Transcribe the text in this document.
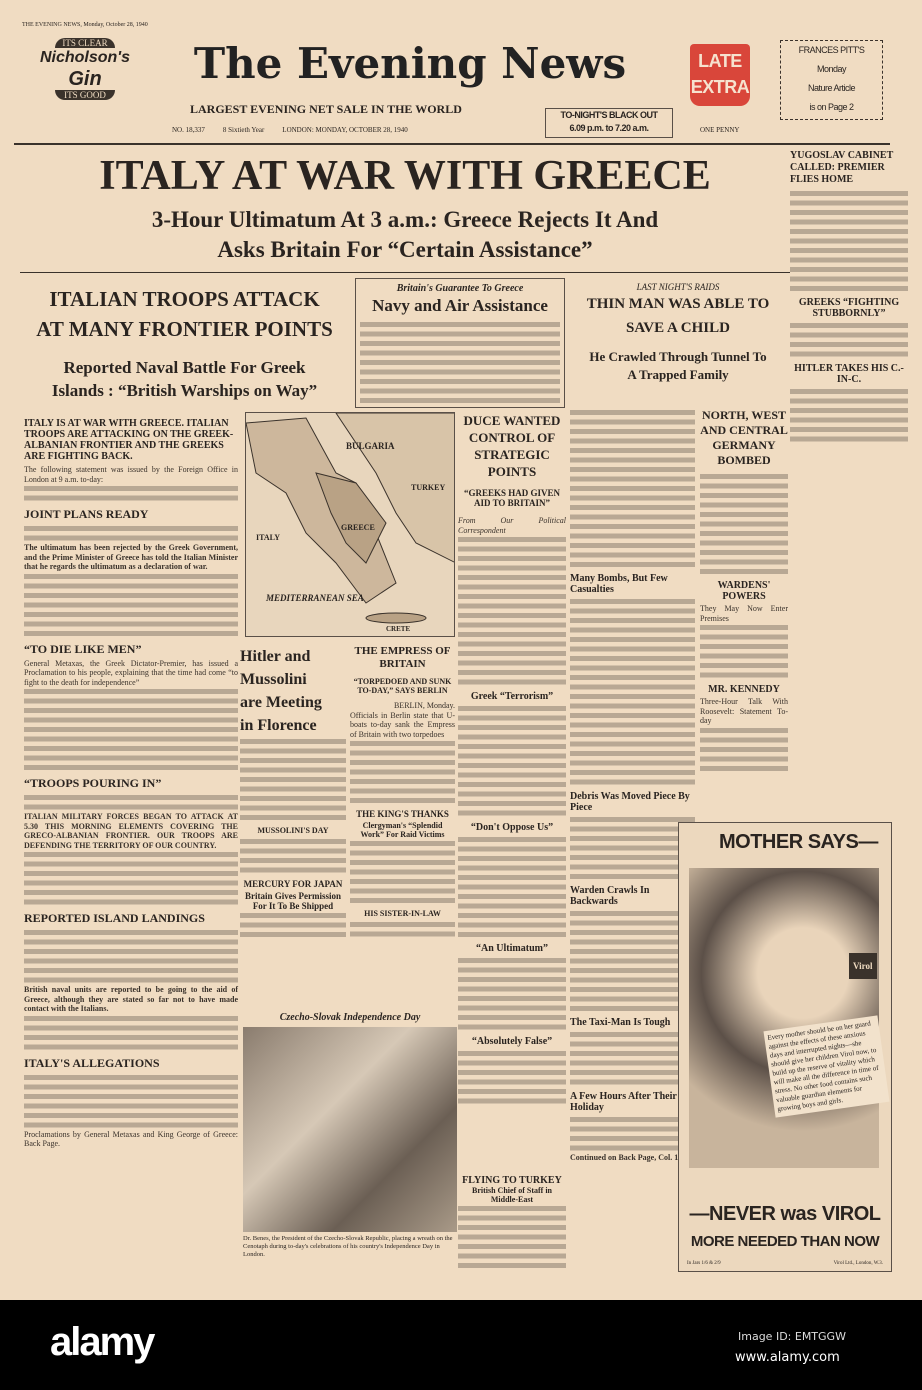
THE EVENING NEWS, Monday, October 28, 1940
ITS CLEAR
Nicholson's
Gin
ITS GOOD
The Evening News
LARGEST EVENING NET SALE IN THE WORLD
NO. 18,337	8 Sixtieth Year	LONDON: MONDAY, OCTOBER 28, 1940
TO-NIGHT'S BLACK OUT
6.09 p.m. to 7.20 a.m.
LATE
EXTRA
ONE PENNY
FRANCES PITT'S
Monday
Nature Article
is on Page 2
ITALY AT WAR WITH GREECE
3-Hour Ultimatum At 3 a.m.: Greece Rejects It And
Asks Britain For “Certain Assistance”
ITALIAN TROOPS ATTACK
AT MANY FRONTIER POINTS
Reported Naval Battle For Greek
Islands : “British Warships on Way”
ITALY IS AT WAR WITH GREECE. ITALIAN TROOPS ARE ATTACKING ON THE GREEK-ALBANIAN FRONTIER AND THE GREEKS ARE FIGHTING BACK.
The following statement was issued by the Foreign Office in London at 9 a.m. to-day:
JOINT PLANS READY
The ultimatum has been rejected by the Greek Government, and the Prime Minister of Greece has told the Italian Minister that he regards the ultimatum as a declaration of war.
“TO DIE LIKE MEN”
General Metaxas, the Greek Dictator-Premier, has issued a Proclamation to his people, explaining that the time had come “to fight to the death for independence”
“TROOPS POURING IN”
ITALIAN MILITARY FORCES BEGAN TO ATTACK AT 5.30 THIS MORNING ELEMENTS COVERING THE GRECO-ALBANIAN FRONTIER. OUR TROOPS ARE DEFENDING THE TERRITORY OF OUR COUNTRY.
REPORTED ISLAND LANDINGS
British naval units are reported to be going to the aid of Greece, although they are stated so far not to have made contact with the Italians.
ITALY'S ALLEGATIONS
Proclamations by General Metaxas and King George of Greece: Back Page.
Britain's Guarantee To Greece
Navy and Air Assistance
LAST NIGHT'S RAIDS
THIN MAN WAS ABLE TO
SAVE A CHILD
He Crawled Through Tunnel To
A Trapped Family
Many Bombs, But Few Casualties
Debris Was Moved Piece By Piece
Warden Crawls In Backwards
The Taxi-Man Is Tough
A Few Hours After Their Holiday
Continued on Back Page, Col. 1
NORTH, WEST
AND CENTRAL
GERMANY BOMBED
WARDENS' POWERS
They May Now Enter Premises
MR. KENNEDY
Three-Hour Talk With Roosevelt: Statement To-day
YUGOSLAV CABINET CALLED: PREMIER FLIES HOME
GREEKS “FIGHTING STUBBORNLY”
HITLER TAKES HIS C.-IN-C.
BULGARIA
TURKEY
ITALY
GREECE
MEDITERRANEAN SEA
CRETE
DUCE WANTED
CONTROL OF
STRATEGIC POINTS
“GREEKS HAD GIVEN AID TO BRITAIN”
From Our Political Correspondent
Greek “Terrorism”
“Don't Oppose Us”
“An Ultimatum”
“Absolutely False”
Hitler and
Mussolini
are Meeting
in Florence
MUSSOLINI'S DAY
MERCURY FOR JAPAN
Britain Gives Permission For It To Be Shipped
THE EMPRESS OF
BRITAIN
“TORPEDOED AND SUNK TO-DAY,” SAYS BERLIN
BERLIN, Monday.
Officials in Berlin state that U-boats to-day sank the Empress of Britain with two torpedoes
THE KING'S THANKS
Clergyman's “Splendid Work” For Raid Victims
HIS SISTER-IN-LAW
Czecho-Slovak Independence Day
Dr. Benes, the President of the Czecho-Slovak Republic, placing a wreath on the Cenotaph during to-day's celebrations of his country's Independence Day in London.
FLYING TO TURKEY
British Chief of Staff in Middle-East
MOTHER SAYS—
Virol
Every mother should be on her guard against the effects of these anxious days and interrupted nights—she should give her children Virol now, to build up the reserve of vitality which will make all the difference in time of stress. No other food contains such valuable guardian elements for growing boys and girls.
—NEVER was VIROL
MORE NEEDED THAN NOW
In Jars 1/6 & 2/9	Virol Ltd., London, W.3.
alamy	Image ID: EMTGGW
www.alamy.com
